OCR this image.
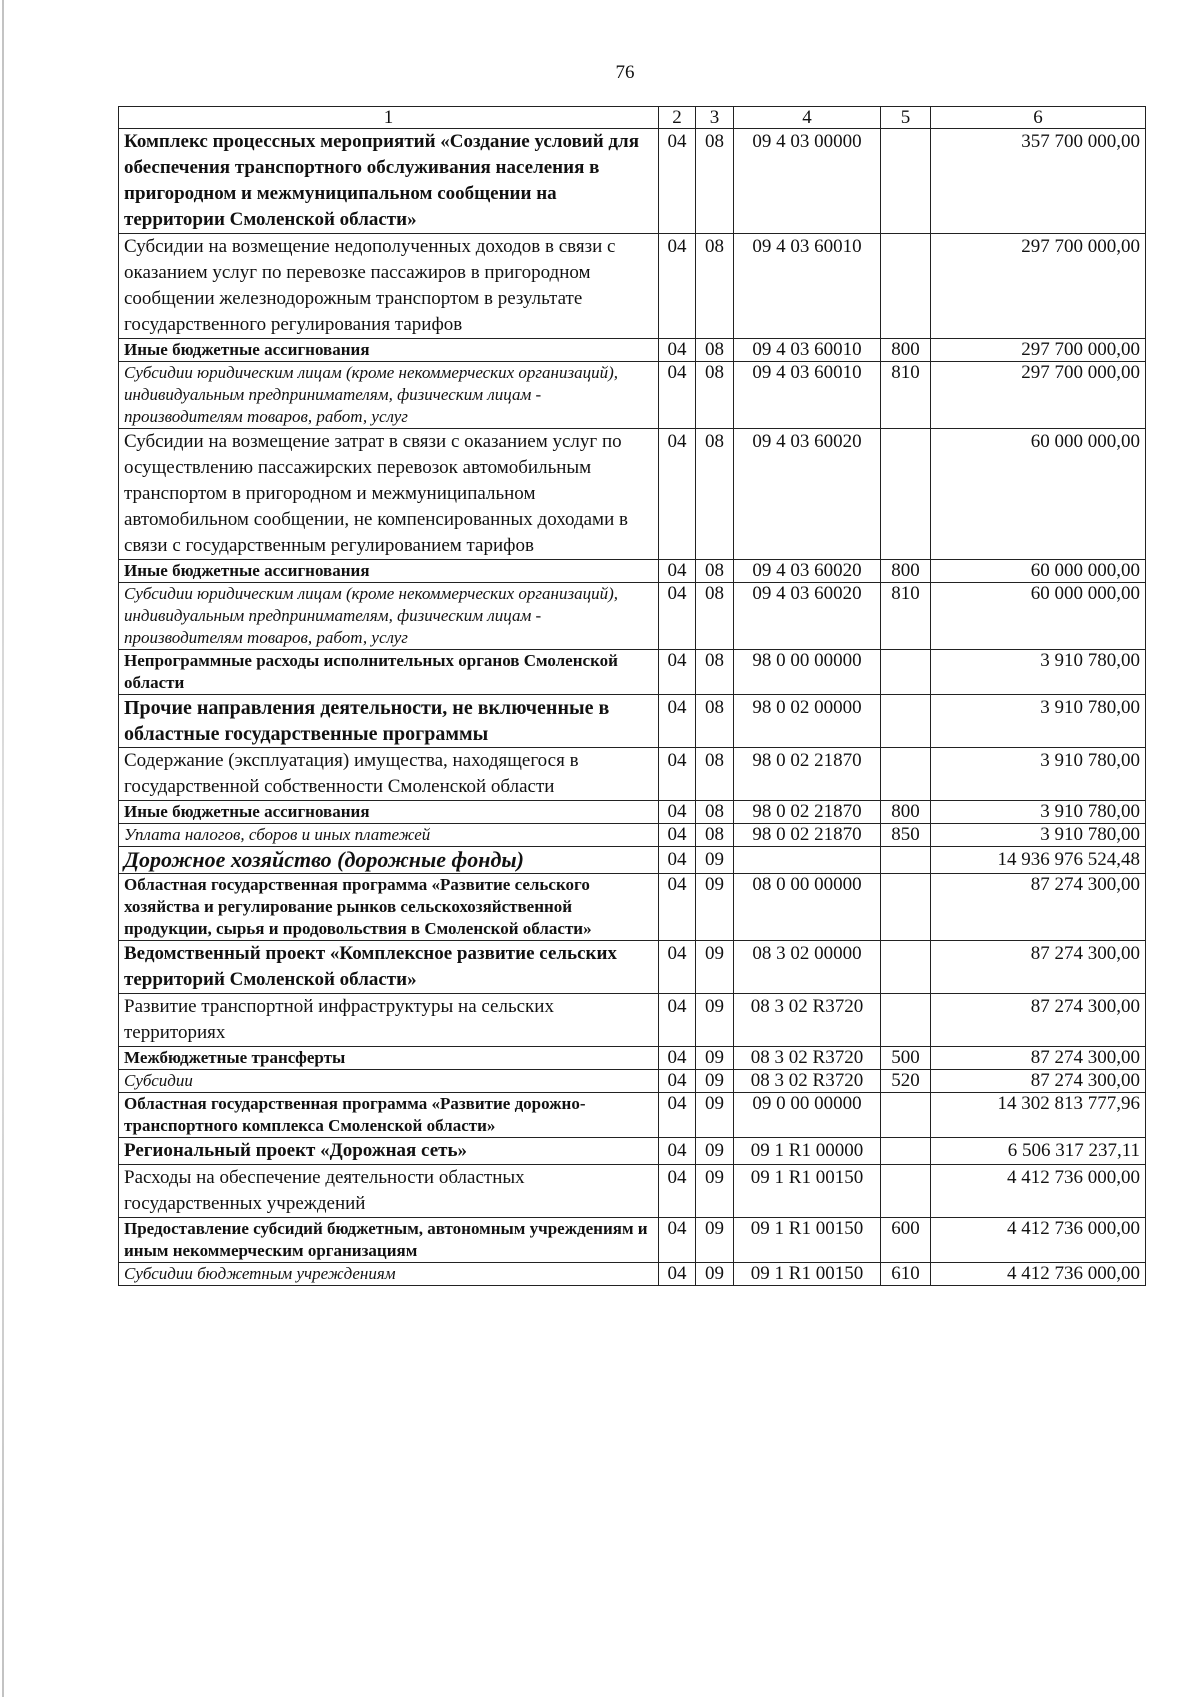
76
1	2	3	4	5	6
Комплекс процессных мероприятий «Создание условий для обеспечения транспортного обслуживания населения в пригородном и межмуниципальном сообщении на территории Смоленской области»	04	08	09 4 03 00000		357 700 000,00
Субсидии на возмещение недополученных доходов в связи с оказанием услуг по перевозке пассажиров в пригородном сообщении железнодорожным транспортом в результате государственного регулирования тарифов	04	08	09 4 03 60010		297 700 000,00
Иные бюджетные ассигнования	04	08	09 4 03 60010	800	297 700 000,00
Субсидии юридическим лицам (кроме некоммерческих организаций), индивидуальным предпринимателям, физическим лицам - производителям товаров, работ, услуг	04	08	09 4 03 60010	810	297 700 000,00
Субсидии на возмещение затрат в связи с оказанием услуг по осуществлению пассажирских перевозок автомобильным транспортом в пригородном и межмуниципальном автомобильном сообщении, не компенсированных доходами в связи с государственным регулированием тарифов	04	08	09 4 03 60020		60 000 000,00
Иные бюджетные ассигнования	04	08	09 4 03 60020	800	60 000 000,00
Субсидии юридическим лицам (кроме некоммерческих организаций), индивидуальным предпринимателям, физическим лицам - производителям товаров, работ, услуг	04	08	09 4 03 60020	810	60 000 000,00
Непрограммные расходы исполнительных органов Смоленской области	04	08	98 0 00 00000		3 910 780,00
Прочие направления деятельности, не включенные в областные государственные программы	04	08	98 0 02 00000		3 910 780,00
Содержание (эксплуатация) имущества, находящегося в государственной собственности Смоленской области	04	08	98 0 02 21870		3 910 780,00
Иные бюджетные ассигнования	04	08	98 0 02 21870	800	3 910 780,00
Уплата налогов, сборов и иных платежей	04	08	98 0 02 21870	850	3 910 780,00
Дорожное хозяйство (дорожные фонды)	04	09			14 936 976 524,48
Областная государственная программа «Развитие сельского хозяйства и регулирование рынков сельскохозяйственной продукции, сырья и продовольствия в Смоленской области»	04	09	08 0 00 00000		87 274 300,00
Ведомственный проект «Комплексное развитие сельских территорий Смоленской области»	04	09	08 3 02 00000		87 274 300,00
Развитие транспортной инфраструктуры на сельских территориях	04	09	08 3 02 R3720		87 274 300,00
Межбюджетные трансферты	04	09	08 3 02 R3720	500	87 274 300,00
Субсидии	04	09	08 3 02 R3720	520	87 274 300,00
Областная государственная программа «Развитие дорожно-транспортного комплекса Смоленской области»	04	09	09 0 00 00000		14 302 813 777,96
Региональный проект «Дорожная сеть»	04	09	09 1 R1 00000		6 506 317 237,11
Расходы на обеспечение деятельности областных государственных учреждений	04	09	09 1 R1 00150		4 412 736 000,00
Предоставление субсидий бюджетным, автономным учреждениям и иным некоммерческим организациям	04	09	09 1 R1 00150	600	4 412 736 000,00
Субсидии бюджетным учреждениям	04	09	09 1 R1 00150	610	4 412 736 000,00
